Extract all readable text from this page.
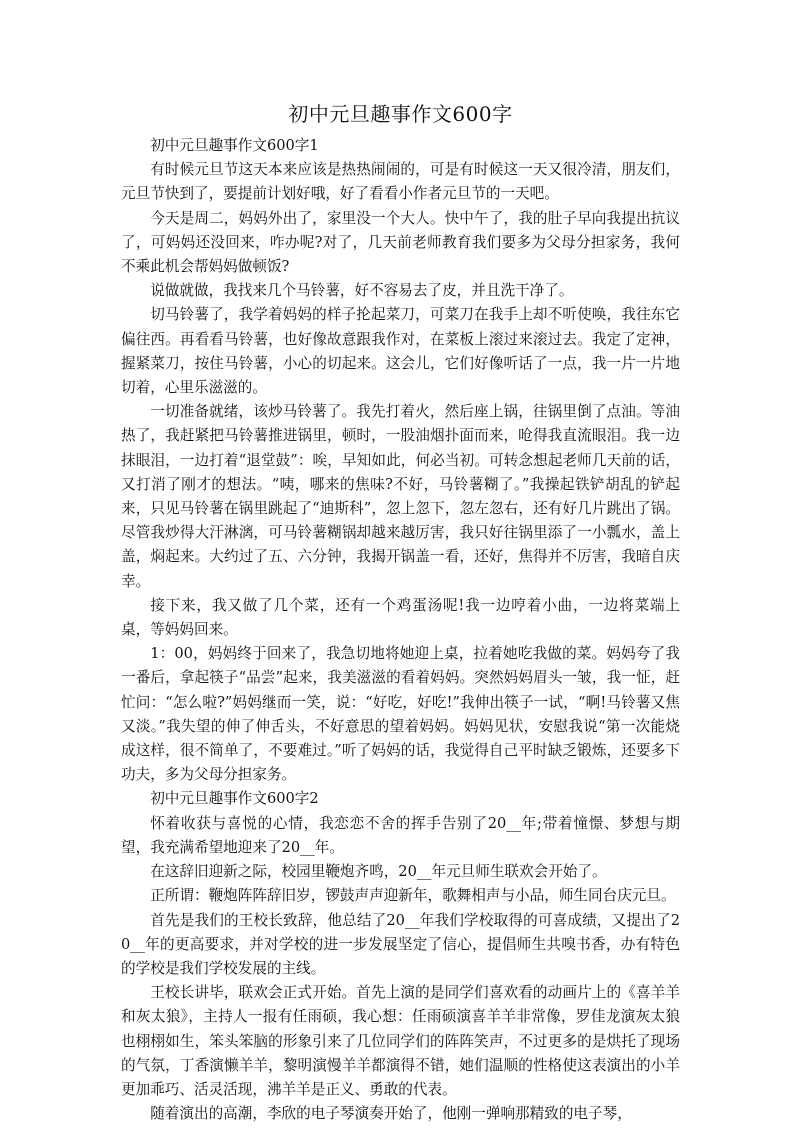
初中元旦趣事作文600字

初中元旦趣事作文600字1

有时候元旦节这天本来应该是热热闹闹的，可是有时候这一天又很冷清，朋友们，元旦节快到了，要提前计划好哦，好了看看小作者元旦节的一天吧。

今天是周二，妈妈外出了，家里没一个大人。快中午了，我的肚子早向我提出抗议了，可妈妈还没回来，咋办呢?对了，几天前老师教育我们要多为父母分担家务，我何不乘此机会帮妈妈做顿饭?

说做就做，我找来几个马铃薯，好不容易去了皮，并且洗干净了。

切马铃薯了，我学着妈妈的样子抡起菜刀，可菜刀在我手上却不听使唤，我往东它偏往西。再看看马铃薯，也好像故意跟我作对，在菜板上滚过来滚过去。我定了定神，握紧菜刀，按住马铃薯，小心的切起来。这会儿，它们好像听话了一点，我一片一片地切着，心里乐滋滋的。

一切准备就绪，该炒马铃薯了。我先打着火，然后座上锅，往锅里倒了点油。等油热了，我赶紧把马铃薯推进锅里，顿时，一股油烟扑面而来，呛得我直流眼泪。我一边抹眼泪，一边打着“退堂鼓”：唉，早知如此，何必当初。可转念想起老师几天前的话，又打消了刚才的想法。“咦，哪来的焦味?不好，马铃薯糊了。”我操起铁铲胡乱的铲起来，只见马铃薯在锅里跳起了“迪斯科”，忽上忽下，忽左忽右，还有好几片跳出了锅。尽管我炒得大汗淋漓，可马铃薯糊锅却越来越厉害，我只好往锅里添了一小瓢水，盖上盖，焖起来。大约过了五、六分钟，我揭开锅盖一看，还好，焦得并不厉害，我暗自庆幸。

接下来，我又做了几个菜，还有一个鸡蛋汤呢!我一边哼着小曲，一边将菜端上桌，等妈妈回来。

1：00，妈妈终于回来了，我急切地将她迎上桌，拉着她吃我做的菜。妈妈夸了我一番后，拿起筷子“品尝”起来，我美滋滋的看着妈妈。突然妈妈眉头一皱，我一怔，赶忙问：“怎么啦?”妈妈继而一笑，说：“好吃，好吃!”我伸出筷子一试，“啊!马铃薯又焦又淡。”我失望的伸了伸舌头，不好意思的望着妈妈。妈妈见状，安慰我说“第一次能烧成这样，很不简单了，不要难过。”听了妈妈的话，我觉得自己平时缺乏锻炼，还要多下功夫，多为父母分担家务。

初中元旦趣事作文600字2

怀着收获与喜悦的心情，我恋恋不舍的挥手告别了20__年;带着憧憬、梦想与期望，我充满希望地迎来了20__年。

在这辞旧迎新之际，校园里鞭炮齐鸣，20__年元旦师生联欢会开始了。

正所谓：鞭炮阵阵辞旧岁，锣鼓声声迎新年，歌舞相声与小品，师生同台庆元旦。

首先是我们的王校长致辞，他总结了20__年我们学校取得的可喜成绩，又提出了20__年的更高要求，并对学校的进一步发展坚定了信心，提倡师生共嗅书香，办有特色的学校是我们学校发展的主线。

王校长讲毕，联欢会正式开始。首先上演的是同学们喜欢看的动画片上的《喜羊羊和灰太狼》，主持人一报有任雨硕，我心想：任雨硕演喜羊羊非常像，罗佳龙演灰太狼也栩栩如生，笨头笨脑的形象引来了几位同学们的阵阵笑声，不过更多的是烘托了现场的气氛，丁香演懒羊羊，黎明演慢羊羊都演得不错，她们温顺的性格使这表演出的小羊更加乖巧、活灵活现，沸羊羊是正义、勇敢的代表。

随着演出的高潮，李欣的电子琴演奏开始了，他刚一弹响那精致的电子琴，
